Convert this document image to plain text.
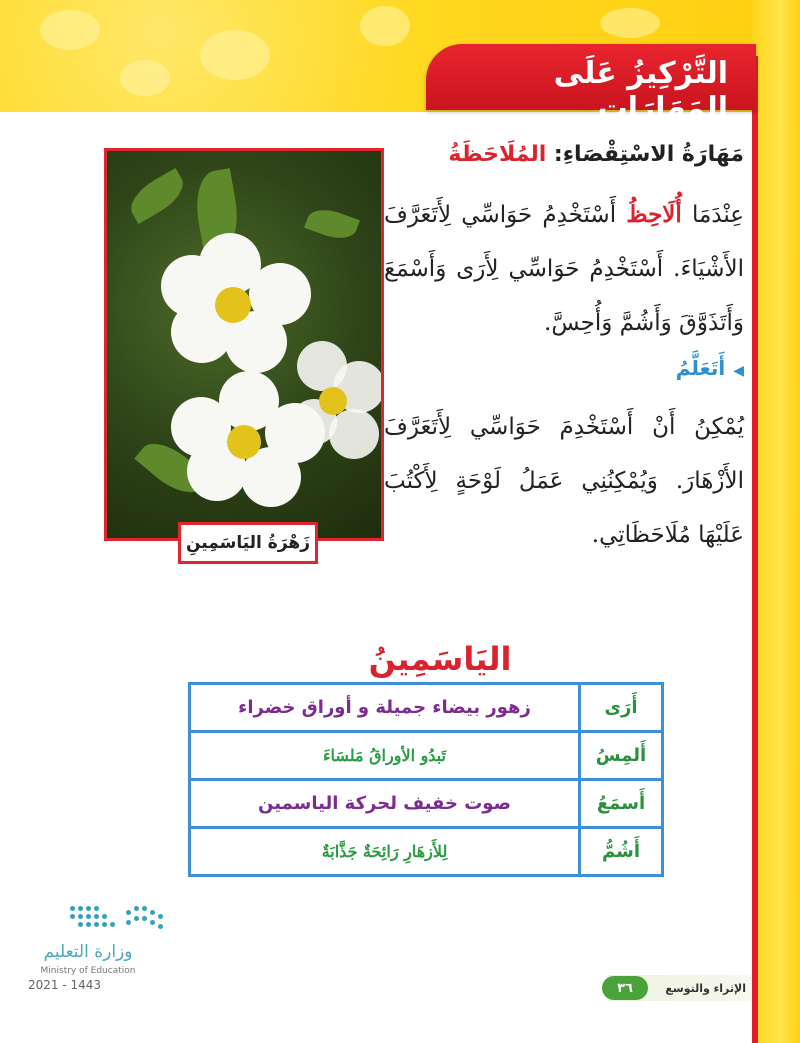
التَّرْكِيزُ عَلَى المَهَارَاتِ
زَهْرَةُ اليَاسَمِينِ
مَهَارَةُ الاسْتِقْصَاءِ: المُلَاحَظَةُ
عِنْدَمَا أُلَاحِظُ أَسْتَخْدِمُ حَوَاسِّي لِأَتَعَرَّفَ الأَشْيَاءَ. أَسْتَخْدِمُ حَوَاسِّي لِأَرَى وَأَسْمَعَ وَأَتَذَوَّقَ وَأَشُمَّ وَأُحِسَّ.
◀أَتَعَلَّمُ
يُمْكِنُ أَنْ أَسْتَخْدِمَ حَوَاسِّي لِأَتَعَرَّفَ الأَزْهَارَ. وَيُمْكِنُنِي عَمَلُ لَوْحَةٍ لِأَكْتُبَ عَلَيْهَا مُلَاحَظَاتِي.
اليَاسَمِينُ
أَرَى
زهور بيضاء جميلة و أوراق خضراء
أَلمِسُ
تَبدُو الأوراقُ مَلسَاءَ
أَسمَعُ
صوت خفيف لحركة الياسمين
أَشُمُّ
لِلأَزهَارِ رَائِحَةٌ جَذَّابَةٌ
وزارة التعليم
Ministry of Education
2021 - 1443	الإثراء والتوسع
٣٦
